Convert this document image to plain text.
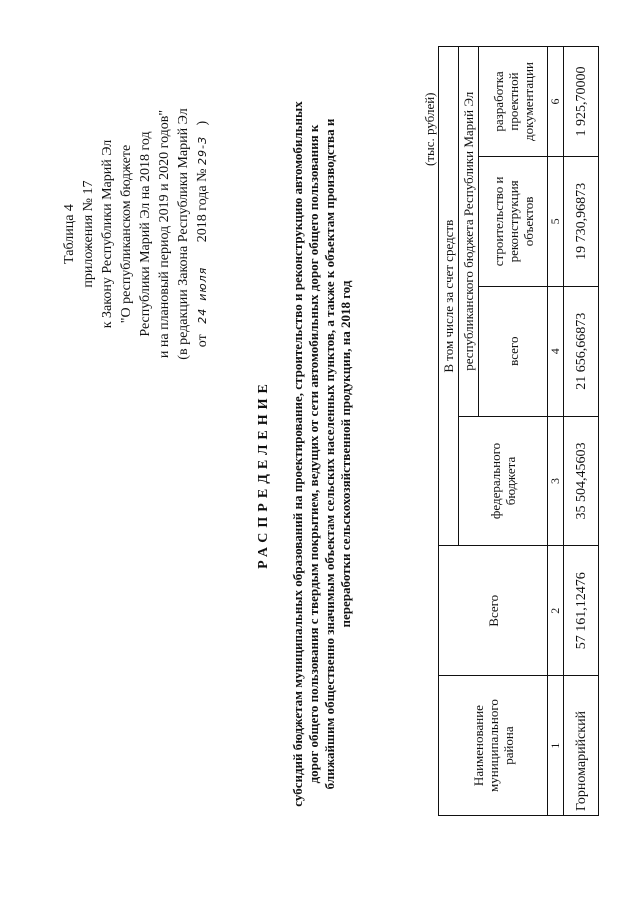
Таблица 4 приложения № 17 к Закону Республики Марий Эл "О республиканском бюджете Республики Марий Эл на 2018 год и на плановый период 2019 и 2020 годов" (в редакции Закона Республики Марий Эл от   24  июля       2018 года № 29-З   )
РАСПРЕДЕЛЕНИЕ субсидий бюджетам муниципальных образований на проектирование, строительство и реконструкцию автомобильных дорог общего пользования с твердым покрытием, ведущих от сети автомобильных дорог общего пользования к ближайшим общественно значимым объектам сельских населенных пунктов, а также к объектам производства и переработки сельскохозяйственной продукции, на 2018 год
(тыс. рублей)
Наименование муниципального района	Всего	В том числе за счет средств			
		федерального бюджета	республиканского бюджета Республики Марий Эл		
			всего	строительство и реконструкция объектов	разработка проектной документации
1	2	3	4	5	6
Горномарийский	57 161,12476	35 504,45603	21 656,66873	19 730,96873	1 925,70000
